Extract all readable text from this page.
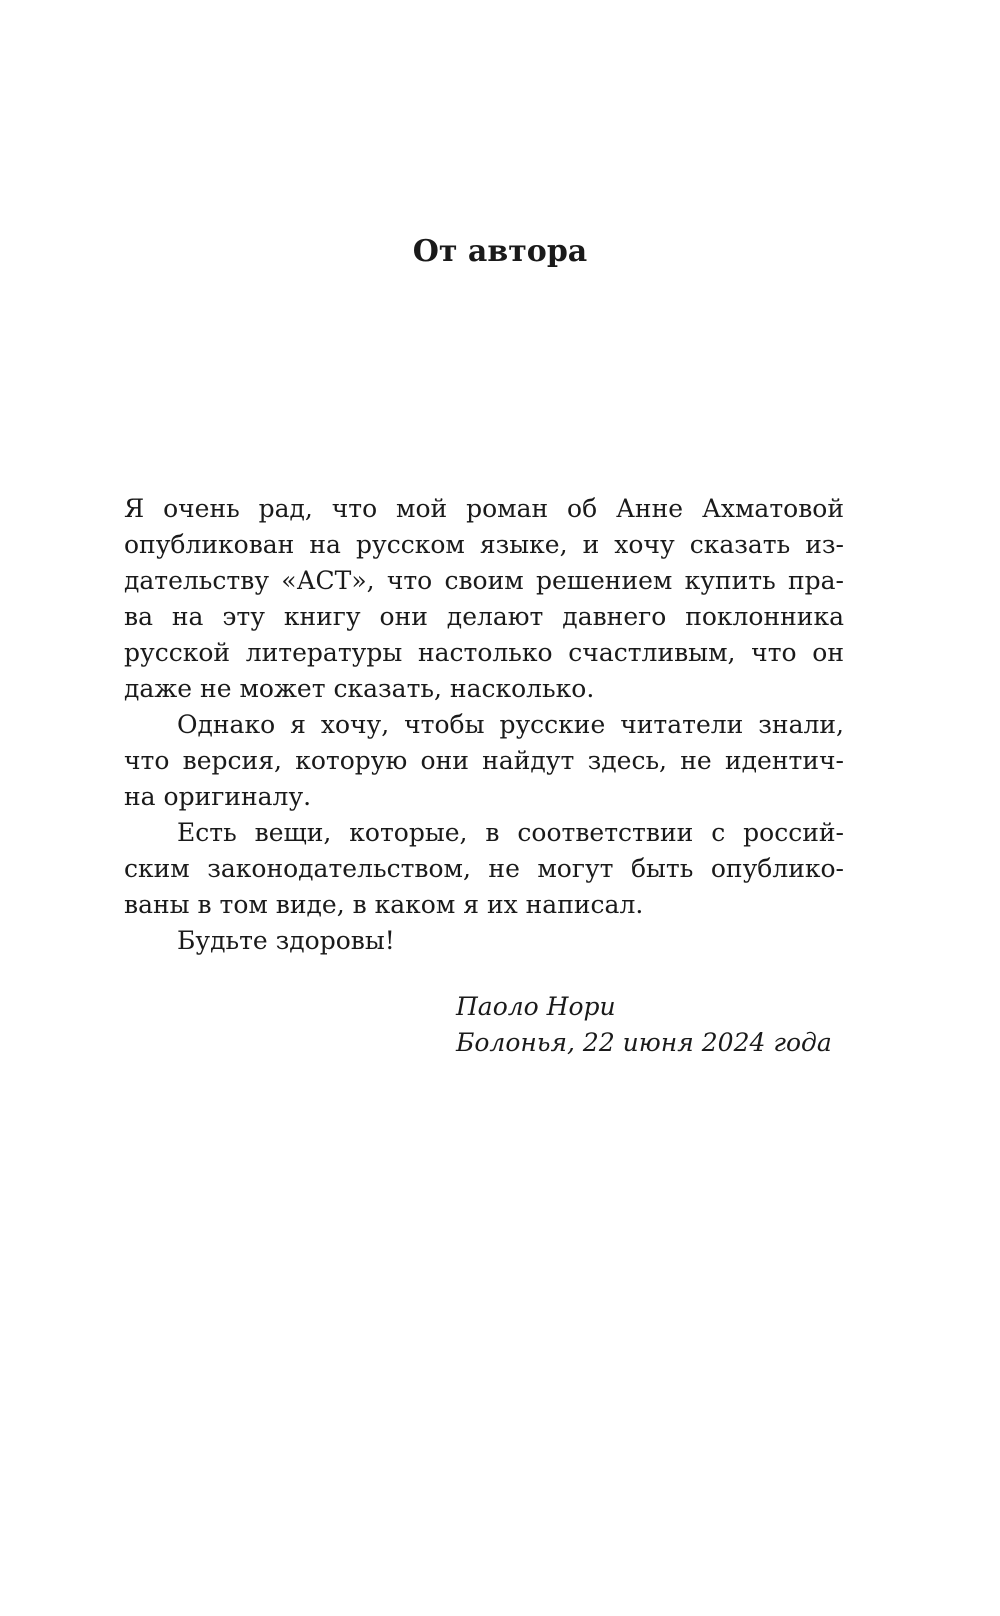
От автора
Я очень рад, что мой роман об Анне Ахматовой
опубликован на русском языке, и хочу сказать из-
дательству «АСТ», что своим решением купить пра-
ва на эту книгу они делают давнего поклонника
русской литературы настолько счастливым, что он
даже не может сказать, насколько.
Однако я хочу, чтобы русские читатели знали,
что версия, которую они найдут здесь, не идентич-
на оригиналу.
Есть вещи, которые, в соответствии с россий-
ским законодательством, не могут быть опублико-
ваны в том виде, в каком я их написал.
Будьте здоровы!
Паоло Нори
Болонья, 22 июня 2024 года
